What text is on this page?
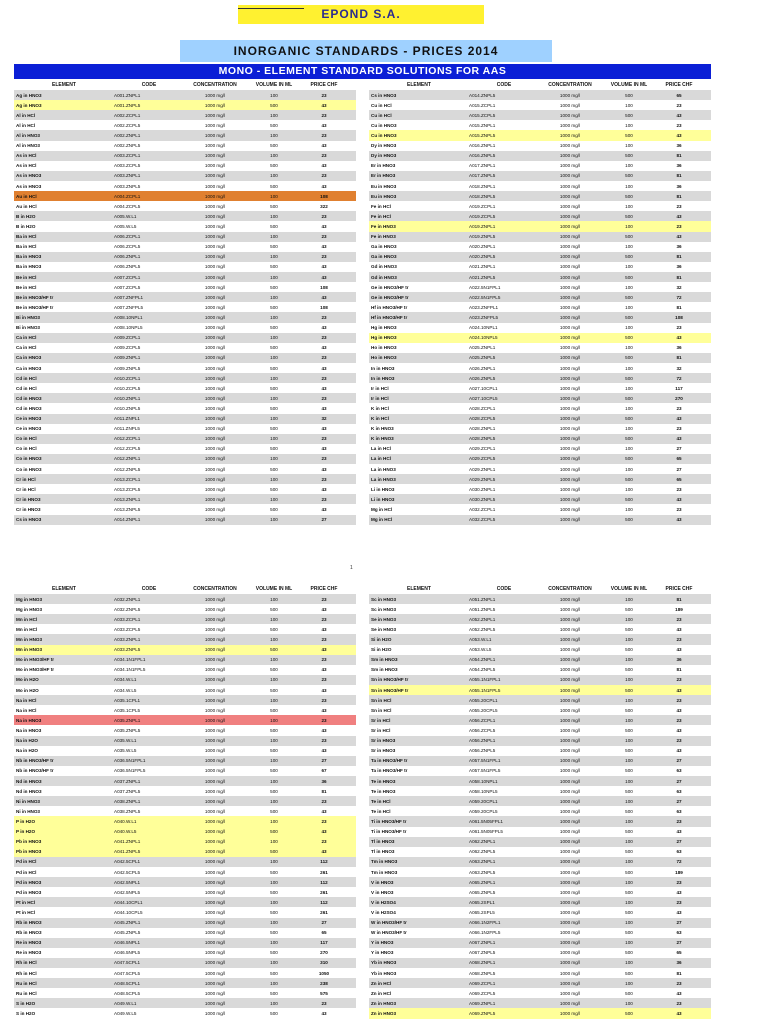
EPOND S.A.
INORGANIC STANDARDS - PRICES 2014
MONO - ELEMENT STANDARD SOLUTIONS FOR AAS
1
ELEMENT	CODE	CONCENTRATION	VOLUME IN ML	PRICE CHF
Ag in HNO3	A001.ZNPL1	1000 mg/l	100	23
Ag in HNO3	A001.ZNPL5	1000 mg/l	500	43
Al in HCl	A002.ZCPL1	1000 mg/l	100	23
Al in HCl	A002.ZCPL5	1000 mg/l	500	43
Al in HNO3	A002.ZNPL1	1000 mg/l	100	23
Al in HNO3	A002.ZNPL5	1000 mg/l	500	43
As in HCl	A003.ZCPL1	1000 mg/l	100	23
As in HCl	A003.ZCPL5	1000 mg/l	500	43
As in HNO3	A003.ZNPL1	1000 mg/l	100	23
As in HNO3	A003.ZNPL5	1000 mg/l	500	43
Au in HCl	A004.ZCPL1	1000 mg/l	100	108
Au in HCl	A004.ZCPL5	1000 mg/l	500	322
B in H2O	A005.W.L1	1000 mg/l	100	23
B in H2O	A005.W.L5	1000 mg/l	500	43
Ba in HCl	A006.ZCPL1	1000 mg/l	100	23
Ba in HCl	A006.ZCPL5	1000 mg/l	500	43
Ba in HNO3	A006.ZNPL1	1000 mg/l	100	23
Ba in HNO3	A006.ZNPL5	1000 mg/l	500	43
Be in HCl	A007.ZCPL1	1000 mg/l	100	43
Be in HCl	A007.ZCPL5	1000 mg/l	500	108
Be in HNO3/HF tr	A007.ZNFPL1	1000 mg/l	100	43
Be in HNO3/HF tr	A007.ZNFPL5	1000 mg/l	500	108
Bi in HNO3	A008.10NPL1	1000 mg/l	100	23
Bi in HNO3	A008.10NPL5	1000 mg/l	500	43
Ca in HCl	A009.ZCPL1	1000 mg/l	100	23
Ca in HCl	A009.ZCPL5	1000 mg/l	500	43
Ca in HNO3	A009.ZNPL1	1000 mg/l	100	23
Ca in HNO3	A009.ZNPL5	1000 mg/l	500	43
Cd in HCl	A010.ZCPL1	1000 mg/l	100	23
Cd in HCl	A010.ZCPL5	1000 mg/l	500	43
Cd in HNO3	A010.ZNPL1	1000 mg/l	100	23
Cd in HNO3	A010.ZNPL5	1000 mg/l	500	43
Ce in HNO3	A011.ZNPL1	1000 mg/l	100	32
Ce in HNO3	A011.ZNPL5	1000 mg/l	500	43
Co in HCl	A012.ZCPL1	1000 mg/l	100	23
Co in HCl	A012.ZCPL5	1000 mg/l	500	43
Co in HNO3	A012.ZNPL1	1000 mg/l	100	23
Co in HNO3	A012.ZNPL5	1000 mg/l	500	43
Cr in HCl	A013.ZCPL1	1000 mg/l	100	23
Cr in HCl	A013.ZCPL5	1000 mg/l	500	43
Cr in HNO3	A013.ZNPL1	1000 mg/l	100	23
Cr in HNO3	A013.ZNPL5	1000 mg/l	500	43
Cs in HNO3	A014.ZNPL1	1000 mg/l	100	27
ELEMENT	CODE	CONCENTRATION	VOLUME IN ML	PRICE CHF
Cs in HNO3	A014.ZNPL5	1000 mg/l	500	65
Cu in HCl	A015.ZCPL1	1000 mg/l	100	23
Cu in HCl	A015.ZCPL5	1000 mg/l	500	43
Cu in HNO3	A015.ZNPL1	1000 mg/l	100	23
Cu in HNO3	A015.ZNPL5	1000 mg/l	500	43
Dy in HNO3	A016.ZNPL1	1000 mg/l	100	36
Dy in HNO3	A016.ZNPL5	1000 mg/l	500	81
Er in HNO3	A017.ZNPL1	1000 mg/l	100	36
Er in HNO3	A017.ZNPL5	1000 mg/l	500	81
Eu in HNO3	A018.ZNPL1	1000 mg/l	100	36
Eu in HNO3	A018.ZNPL5	1000 mg/l	500	81
Fe in HCl	A019.ZCPL1	1000 mg/l	100	23
Fe in HCl	A019.ZCPL5	1000 mg/l	500	43
Fe in HNO3	A019.ZNPL1	1000 mg/l	100	23
Fe in HNO3	A019.ZNPL5	1000 mg/l	500	43
Ga in HNO3	A020.ZNPL1	1000 mg/l	100	36
Ga in HNO3	A020.ZNPL5	1000 mg/l	500	81
Gd in HNO3	A021.ZNPL1	1000 mg/l	100	36
Gd in HNO3	A021.ZNPL5	1000 mg/l	500	81
Ge in HNO3/HF tr	A022.5N1FPL1	1000 mg/l	100	32
Ge in HNO3/HF tr	A022.5N1FPL5	1000 mg/l	500	72
Hf in HNO3/HF tr	A023.ZNFPL1	1000 mg/l	100	81
Hf in HNO3/HF tr	A023.ZNFPL5	1000 mg/l	500	108
Hg in HNO3	A024.10NPL1	1000 mg/l	100	23
Hg in HNO3	A024.10NPL5	1000 mg/l	500	43
Ho in HNO3	A025.ZNPL1	1000 mg/l	100	36
Ho in HNO3	A025.ZNPL5	1000 mg/l	500	81
In in HNO3	A026.ZNPL1	1000 mg/l	100	32
In in HNO3	A026.ZNPL5	1000 mg/l	500	72
Ir in HCl	A027.10CPL1	1000 mg/l	100	117
Ir in HCl	A027.10CPL5	1000 mg/l	500	270
K in HCl	A028.ZCPL1	1000 mg/l	100	23
K in HCl	A028.ZCPL5	1000 mg/l	500	43
K in HNO3	A028.ZNPL1	1000 mg/l	100	23
K in HNO3	A028.ZNPL5	1000 mg/l	500	43
La in HCl	A029.ZCPL1	1000 mg/l	100	27
La in HCl	A029.ZCPL5	1000 mg/l	500	65
La in HNO3	A029.ZNPL1	1000 mg/l	100	27
La in HNO3	A029.ZNPL5	1000 mg/l	500	65
Li in HNO3	A030.ZNPL1	1000 mg/l	100	23
Li in HNO3	A030.ZNPL5	1000 mg/l	500	43
Mg in HCl	A032.ZCPL1	1000 mg/l	100	23
Mg in HCl	A032.ZCPL5	1000 mg/l	500	43
ELEMENT	CODE	CONCENTRATION	VOLUME IN ML	PRICE CHF
Mg in HNO3	A032.ZNPL1	1000 mg/l	100	23
Mg in HNO3	A032.ZNPL5	1000 mg/l	500	43
Mn in HCl	A033.ZCPL1	1000 mg/l	100	23
Mn in HCl	A033.ZCPL5	1000 mg/l	500	43
Mn in HNO3	A033.ZNPL1	1000 mg/l	100	23
Mn in HNO3	A033.ZNPL5	1000 mg/l	500	43
Mo in HNO3/HF tr	A034.1N1FPL1	1000 mg/l	100	23
Mo in HNO3/HF tr	A034.1N1FPL5	1000 mg/l	500	43
Mo in H2O	A034.W.L1	1000 mg/l	100	23
Mo in H2O	A034.W.L5	1000 mg/l	500	43
Na in HCl	A035.1CPL1	1000 mg/l	100	23
Na in HCl	A035.1CPL5	1000 mg/l	500	43
Na in HNO3	A035.ZNPL1	1000 mg/l	100	23
Na in HNO3	A035.ZNPL5	1000 mg/l	500	43
Na in H2O	A035.W.L1	1000 mg/l	100	23
Na in H2O	A035.W.L5	1000 mg/l	500	43
Nb in HNO3/HF tr	A036.5N1FPL1	1000 mg/l	100	27
Nb in HNO3/HF tr	A036.5N1FPL5	1000 mg/l	500	67
Nd in HNO3	A037.ZNPL1	1000 mg/l	100	36
Nd in HNO3	A037.ZNPL5	1000 mg/l	500	81
Ni in HNO3	A038.ZNPL1	1000 mg/l	100	23
Ni in HNO3	A038.ZNPL5	1000 mg/l	500	43
P in H2O	A040.W.L1	1000 mg/l	100	23
P in H2O	A040.W.L5	1000 mg/l	500	43
Pb in HNO3	A041.ZNPL1	1000 mg/l	100	23
Pb in HNO3	A041.ZNPL5	1000 mg/l	500	43
Pd in HCl	A042.5CPL1	1000 mg/l	100	112
Pd in HCl	A042.5CPL5	1000 mg/l	500	261
Pd in HNO3	A042.5NPL1	1000 mg/l	100	112
Pd in HNO3	A042.5NPL5	1000 mg/l	500	261
Pt in HCl	A044.10CPL1	1000 mg/l	100	112
Pt in HCl	A044.10CPL5	1000 mg/l	500	261
Rb in HNO3	A045.ZNPL1	1000 mg/l	100	27
Rb in HNO3	A045.ZNPL5	1000 mg/l	500	65
Re in HNO3	A046.5NPL1	1000 mg/l	100	117
Re in HNO3	A046.5NPL5	1000 mg/l	500	270
Rh in HCl	A047.5CPL1	1000 mg/l	100	310
Rh in HCl	A047.5CPL5	1000 mg/l	500	1050
Ru in HCl	A048.5CPL1	1000 mg/l	100	238
Ru in HCl	A048.5CPL5	1000 mg/l	500	575
S in H2O	A049.W.L1	1000 mg/l	100	23
S in H2O	A049.W.L5	1000 mg/l	500	43
ELEMENT	CODE	CONCENTRATION	VOLUME IN ML	PRICE CHF
Sc in HNO3	A051.ZNPL1	1000 mg/l	100	81
Sc in HNO3	A051.ZNPL5	1000 mg/l	500	189
Se in HNO3	A052.ZNPL1	1000 mg/l	100	23
Se in HNO3	A052.ZNPL5	1000 mg/l	500	43
Si in H2O	A053.W.L1	1000 mg/l	100	23
Si in H2O	A053.W.L5	1000 mg/l	500	43
Sm in HNO3	A054.ZNPL1	1000 mg/l	100	36
Sm in HNO3	A054.ZNPL5	1000 mg/l	500	81
Sn in HNO3/HF tr	A055.1N1FPL1	1000 mg/l	100	23
Sn in HNO3/HF tr	A055.1N1FPL5	1000 mg/l	500	43
Sn in HCl	A055.20CPL1	1000 mg/l	100	23
Sn in HCl	A055.20CPL5	1000 mg/l	500	43
Sr in HCl	A056.ZCPL1	1000 mg/l	100	23
Sr in HCl	A056.ZCPL5	1000 mg/l	500	43
Sr in HNO3	A056.ZNPL1	1000 mg/l	100	23
Sr in HNO3	A056.ZNPL5	1000 mg/l	500	43
Ta in HNO3/HF tr	A057.5N1FPL1	1000 mg/l	100	27
Ta in HNO3/HF tr	A057.5N1FPL5	1000 mg/l	500	63
Te in HNO3	A058.10NPL1	1000 mg/l	100	27
Te in HNO3	A058.10NPL5	1000 mg/l	500	63
Te in HCl	A059.20CPL1	1000 mg/l	100	27
Te in HCl	A059.20CPL5	1000 mg/l	500	63
Ti in HNO3/HF tr	A061.5N05FPL1	1000 mg/l	100	23
Ti in HNO3/HF tr	A061.5N05FPL5	1000 mg/l	500	43
Tl in HNO3	A062.ZNPL1	1000 mg/l	100	27
Tl in HNO3	A062.ZNPL5	1000 mg/l	500	63
Tm in HNO3	A063.ZNPL1	1000 mg/l	100	72
Tm in HNO3	A063.ZNPL5	1000 mg/l	500	189
V in HNO3	A065.ZNPL1	1000 mg/l	100	23
V in HNO3	A065.ZNPL5	1000 mg/l	500	43
V in H2SO4	A065.2SPL1	1000 mg/l	100	23
V in H2SO4	A065.2SPL5	1000 mg/l	500	43
W in HNO3/HF tr	A066.1N2FPL1	1000 mg/l	100	27
W in HNO3/HF tr	A066.1N2FPL5	1000 mg/l	500	63
Y in HNO3	A067.ZNPL1	1000 mg/l	100	27
Y in HNO3	A067.ZNPL5	1000 mg/l	500	65
Yb in HNO3	A068.ZNPL1	1000 mg/l	100	36
Yb in HNO3	A068.ZNPL5	1000 mg/l	500	81
Zn in HCl	A069.ZCPL1	1000 mg/l	100	23
Zn in HCl	A069.ZCPL5	1000 mg/l	500	43
Zn in HNO3	A069.ZNPL1	1000 mg/l	100	23
Zn in HNO3	A069.ZNPL5	1000 mg/l	500	43
